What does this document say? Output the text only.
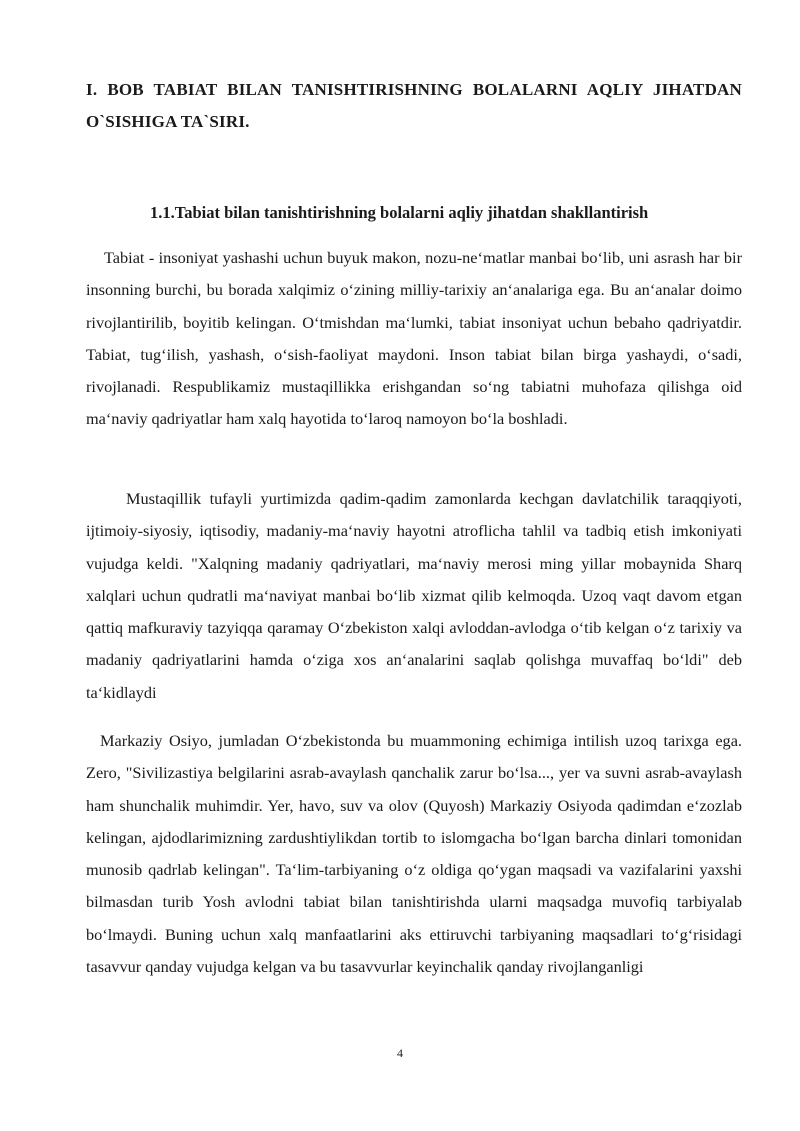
I. BOB TABIAT BILAN TANISHTIRISHNING BOLALARNI AQLIY JIHATDAN O`SISHIGA TA`SIRI.
1.1.Tabiat bilan tanishtirishning bolalarni aqliy jihatdan shakllantirish

Tabiat - insoniyat yashashi uchun buyuk makon, nozu-ne‘matlar manbai bo‘lib, uni asrash har bir insonning burchi, bu borada xalqimiz o‘zining milliy-tarixiy an‘analariga ega. Bu an‘analar doimo rivojlantirilib, boyitib kelingan. O‘tmishdan ma‘lumki, tabiat insoniyat uchun bebaho qadriyatdir. Tabiat, tug‘ilish, yashash, o‘sish-faoliyat maydoni. Inson tabiat bilan birga yashaydi, o‘sadi, rivojlanadi. Respublikamiz mustaqillikka erishgandan so‘ng tabiatni muhofaza qilishga oid ma‘naviy qadriyatlar ham xalq hayotida to‘laroq namoyon bo‘la boshladi.

Mustaqillik tufayli yurtimizda qadim-qadim zamonlarda kechgan davlatchilik taraqqiyoti, ijtimoiy-siyosiy, iqtisodiy, madaniy-ma‘naviy hayotni atroflicha tahlil va tadbiq etish imkoniyati vujudga keldi. "Xalqning madaniy qadriyatlari, ma‘naviy merosi ming yillar mobaynida Sharq xalqlari uchun qudratli ma‘naviyat manbai bo‘lib xizmat qilib kelmoqda. Uzoq vaqt davom etgan qattiq mafkuraviy tazyiqqa qaramay O‘zbekiston xalqi avloddan-avlodga o‘tib kelgan o‘z tarixiy va madaniy qadriyatlarini hamda o‘ziga xos an‘analarini saqlab qolishga muvaffaq bo‘ldi" deb ta‘kidlaydi

Markaziy Osiyo, jumladan O‘zbekistonda bu muammoning echimiga intilish uzoq tarixga ega. Zero, "Sivilizastiya belgilarini asrab-avaylash qanchalik zarur bo‘lsa..., yer va suvni asrab-avaylash ham shunchalik muhimdir. Yer, havo, suv va olov (Quyosh) Markaziy Osiyoda qadimdan e‘zozlab kelingan, ajdodlarimizning zardushtiylikdan tortib to islomgacha bo‘lgan barcha dinlari tomonidan munosib qadrlab kelingan". Ta‘lim-tarbiyaning o‘z oldiga qo‘ygan maqsadi va vazifalarini yaxshi bilmasdan turib Yosh avlodni tabiat bilan tanishtirishda ularni maqsadga muvofiq tarbiyalab bo‘lmaydi. Buning uchun xalq manfaatlarini aks ettiruvchi tarbiyaning maqsadlari to‘g‘risidagi tasavvur qanday vujudga kelgan va bu tasavvurlar keyinchalik qanday rivojlanganligi

4
